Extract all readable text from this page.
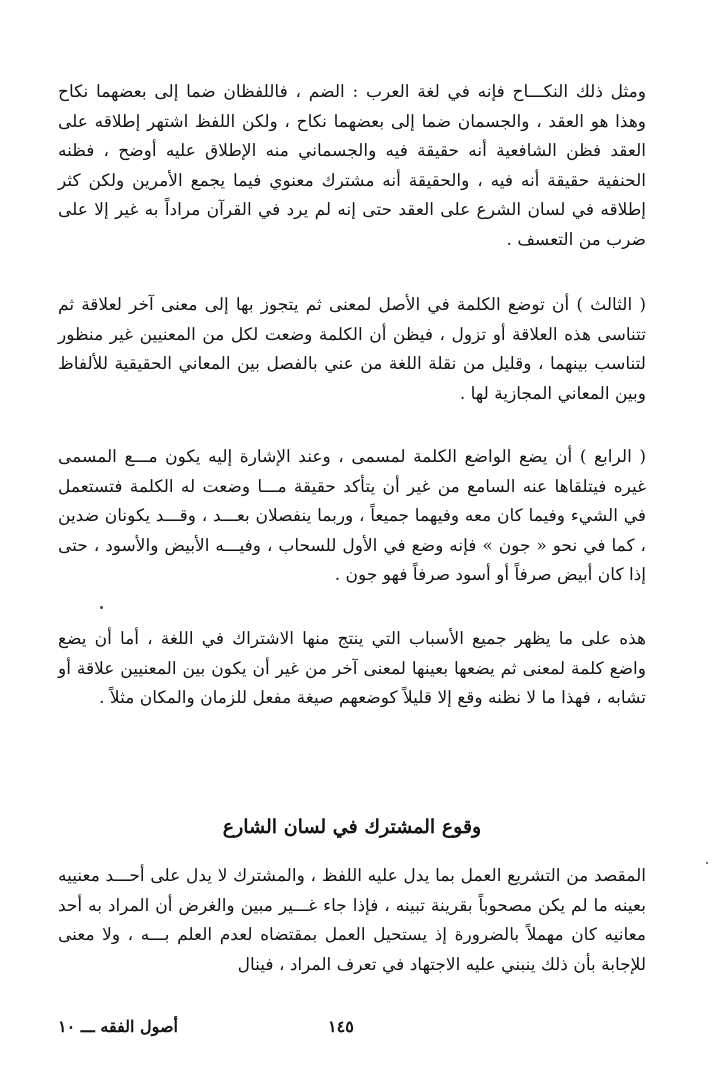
ومثل ذلك النكـــاح فإنه في لغة العرب : الضم ، فاللفظان ضما إلى بعضهما نكاح وهذا هو العقد ، والجسمان ضما إلى بعضهما نكاح ، ولكن اللفظ اشتهر إطلاقه على العقد فظن الشافعية أنه حقيقة فيه والجسماني منه الإطلاق عليه أوضح ، فظنه الحنفية حقيقة أنه فيه ، والحقيقة أنه مشترك معنوي فيما يجمع الأمرين ولكن كثر إطلاقه في لسان الشرع على العقد حتى إنه لم يرد في القرآن مراداً به غير إلا على ضرب من التعسف .

( الثالث ) أن توضع الكلمة في الأصل لمعنى ثم يتجوز بها إلى معنى آخر لعلاقة ثم تتناسى هذه العلاقة أو تزول ، فيظن أن الكلمة وضعت لكل من المعنيين غير منظور لتناسب بينهما ، وقليل من نقلة اللغة من عني بالفصل بين المعاني الحقيقية للألفاظ وبين المعاني المجازية لها .

( الرابع ) أن يضع الواضع الكلمة لمسمى ، وعند الإشارة إليه يكون مـــع المسمى غيره فيتلقاها عنه السامع من غير أن يتأكد حقيقة مـــا وضعت له الكلمة فتستعمل في الشيء وفيما كان معه وفيهما جميعاً ، وربما ينفصلان بعـــد ، وقـــد يكونان ضدين ، كما في نحو « جون » فإنه وضع في الأول للسحاب ، وفيـــه الأبيض والأسود ، حتى إذا كان أبيض صرفاً أو أسود صرفاً فهو جون .

هذه على ما يظهر جميع الأسباب التي ينتج منها الاشتراك في اللغة ، أما أن يضع واضع كلمة لمعنى ثم يضعها بعينها لمعنى آخر من غير أن يكون بين المعنيين علاقة أو تشابه ، فهذا ما لا نظنه وقع إلا قليلاً كوضعهم صيغة مفعل للزمان والمكان مثلاً .

وقوع المشترك في لسان الشارع

المقصد من التشريع العمل بما يدل عليه اللفظ ، والمشترك لا يدل على أحـــد معنييه بعينه ما لم يكن مصحوباً بقرينة تبينه ، فإذا جاء غـــير مبين والغرض أن المراد به أحد معانيه كان مهملاً بالضرورة إذ يستحيل العمل بمقتضاه لعدم العلم بـــه ، ولا معنى للإجابة بأن ذلك ينبني عليه الاجتهاد في تعرف المراد ، فينال

١٤٥
أصول الفقه ـــ ١٠
